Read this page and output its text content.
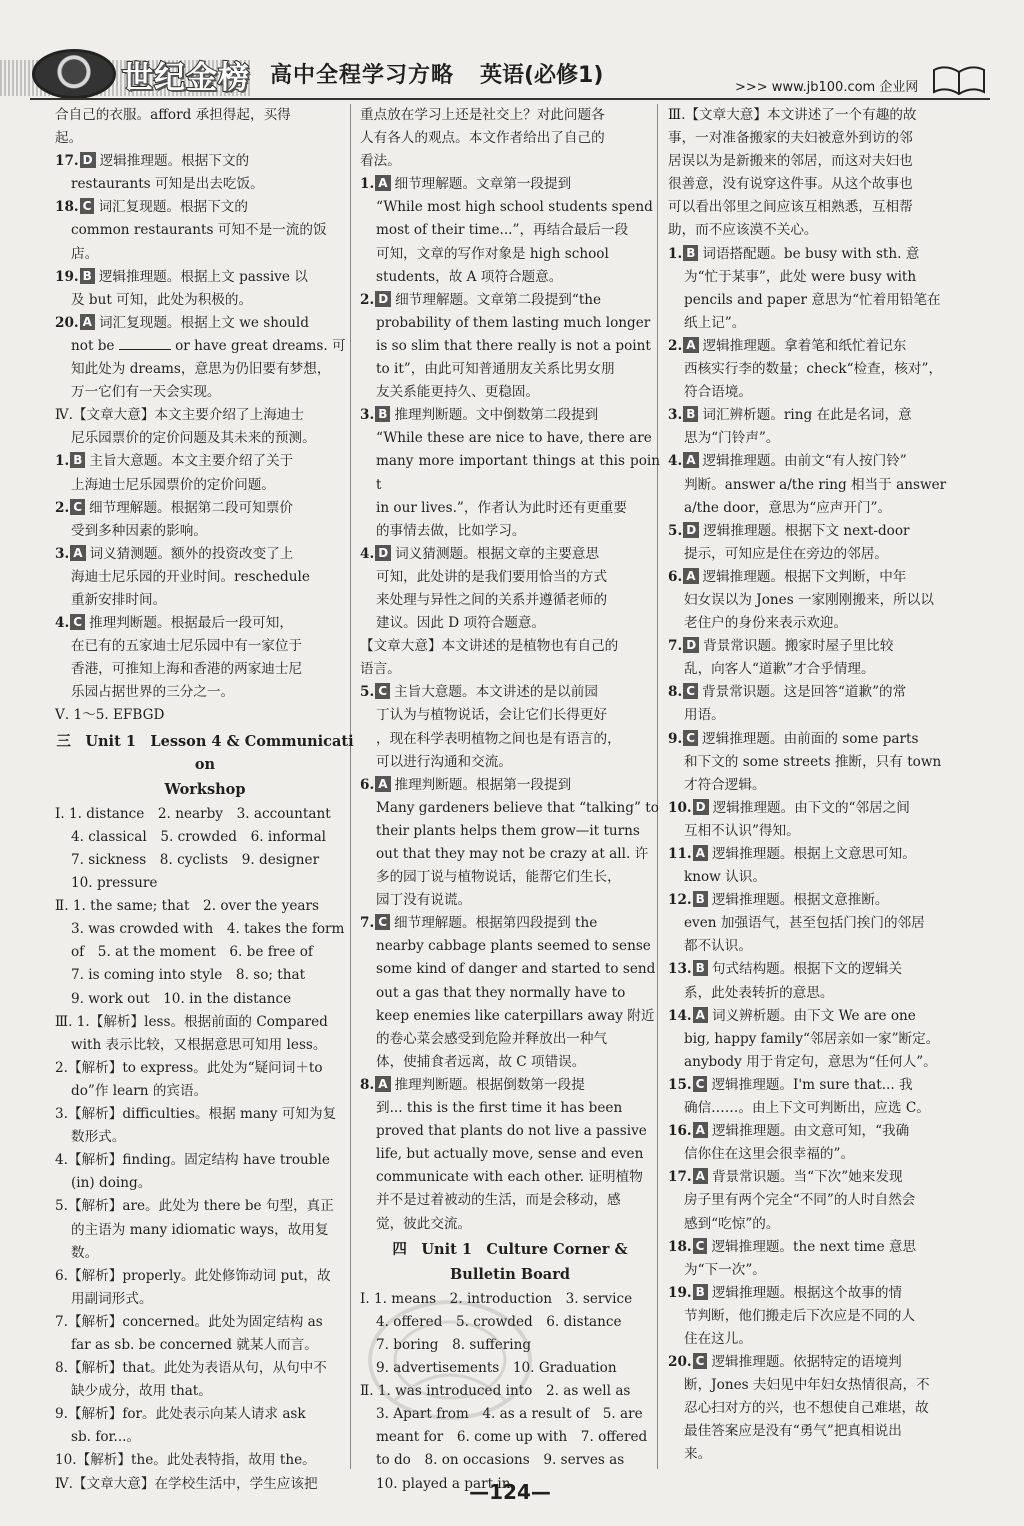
世纪金榜 高中全程学习方略 英语(必修1)	>>> www.jb100.com 企业网
合自己的衣服。afford 承担得起，买得
起。
17. D 逻辑推理题。根据下文的
restaurants 可知是出去吃饭。
18. C 词汇复现题。根据下文的
common restaurants 可知不是一流的饭
店。
19. B 逻辑推理题。根据上文 passive 以
及 but 可知，此处为积极的。
20. A 词汇复现题。根据上文 we should
not be	or have great dreams. 可
知此处为 dreams，意思为仍旧要有梦想，
万一它们有一天会实现。
Ⅳ.【文章大意】本文主要介绍了上海迪士
尼乐园票价的定价问题及其未来的预测。
1. B 主旨大意题。本文主要介绍了关于
上海迪士尼乐园票价的定价问题。
2. C 细节理解题。根据第二段可知票价
受到多种因素的影响。
3. A 词义猜测题。额外的投资改变了上
海迪士尼乐园的开业时间。reschedule
重新安排时间。
4. C 推理判断题。根据最后一段可知，
在已有的五家迪士尼乐园中有一家位于
香港，可推知上海和香港的两家迪士尼
乐园占据世界的三分之一。
Ⅴ. 1～5. EFBGD
三　Unit 1　Lesson 4 & Communication
Workshop
Ⅰ. 1. distance　2. nearby　3. accountant
4. classical　5. crowded　6. informal
7. sickness　8. cyclists　9. designer
10. pressure
Ⅱ. 1. the same; that　2. over the years
3. was crowded with　4. takes the form
of　5. at the moment　6. be free of
7. is coming into style　8. so; that
9. work out　10. in the distance
Ⅲ. 1.【解析】less。根据前面的 Compared
with 表示比较，又根据意思可知用 less。
2.【解析】to express。此处为“疑问词＋to
do”作 learn 的宾语。
3.【解析】difficulties。根据 many 可知为复
数形式。
4.【解析】finding。固定结构 have trouble
(in) doing。
5.【解析】are。此处为 there be 句型，真正
的主语为 many idiomatic ways，故用复
数。
6.【解析】properly。此处修饰动词 put，故
用副词形式。
7.【解析】concerned。此处为固定结构 as
far as sb. be concerned 就某人而言。
8.【解析】that。此处为表语从句，从句中不
缺少成分，故用 that。
9.【解析】for。此处表示向某人请求 ask
sb. for...。
10.【解析】the。此处表特指，故用 the。
Ⅳ.【文章大意】在学校生活中，学生应该把
重点放在学习上还是社交上？对此问题各
人有各人的观点。本文作者给出了自己的
看法。
1. A 细节理解题。文章第一段提到
“While most high school students spend
most of their time...”，再结合最后一段
可知，文章的写作对象是 high school
students，故 A 项符合题意。
2. D 细节理解题。文章第二段提到“the
probability of them lasting much longer
is so slim that there really is not a point
to it”，由此可知普通朋友关系比男女朋
友关系能更持久、更稳固。
3. B 推理判断题。文中倒数第二段提到
“While these are nice to have, there are
many more important things at this point
in our lives.”，作者认为此时还有更重要
的事情去做，比如学习。
4. D 词义猜测题。根据文章的主要意思
可知，此处讲的是我们要用恰当的方式
来处理与异性之间的关系并遵循老师的
建议。因此 D 项符合题意。
【文章大意】本文讲述的是植物也有自己的
语言。
5. C 主旨大意题。本文讲述的是以前园
丁认为与植物说话，会让它们长得更好
，现在科学表明植物之间也是有语言的，
可以进行沟通和交流。
6. A 推理判断题。根据第一段提到
Many gardeners believe that “talking” to
their plants helps them grow—it turns
out that they may not be crazy at all. 许
多的园丁说与植物说话，能帮它们生长，
园丁没有说谎。
7. C 细节理解题。根据第四段提到 the
nearby cabbage plants seemed to sense
some kind of danger and started to send
out a gas that they normally have to
keep enemies like caterpillars away 附近
的卷心菜会感受到危险并释放出一种气
体，使捕食者远离，故 C 项错误。
8. A 推理判断题。根据倒数第一段提
到... this is the first time it has been
proved that plants do not live a passive
life, but actually move, sense and even
communicate with each other. 证明植物
并不是过着被动的生活，而是会移动，感
觉，彼此交流。
四　Unit 1　Culture Corner &
Bulletin Board
Ⅰ. 1. means　2. introduction　3. service
4. offered　5. crowded　6. distance
7. boring　8. suffering
9. advertisements　10. Graduation
Ⅱ. 1. was introduced into　2. as well as
3. Apart from　4. as a result of　5. are
meant for　6. come up with　7. offered
to do　8. on occasions　9. serves as
10. played a part in
Ⅲ.【文章大意】本文讲述了一个有趣的故
事，一对准备搬家的夫妇被意外到访的邻
居误以为是新搬来的邻居，而这对夫妇也
很善意，没有说穿这件事。从这个故事也
可以看出邻里之间应该互相熟悉，互相帮
助，而不应该漠不关心。
1. B 词语搭配题。be busy with sth. 意
为“忙于某事”，此处 were busy with
pencils and paper 意思为“忙着用铅笔在
纸上记”。
2. A 逻辑推理题。拿着笔和纸忙着记东
西核实行李的数量；check“检查，核对”，
符合语境。
3. B 词汇辨析题。ring 在此是名词，意
思为“门铃声”。
4. A 逻辑推理题。由前文“有人按门铃”
判断。answer a/the ring 相当于 answer
a/the door，意思为“应声开门”。
5. D 逻辑推理题。根据下文 next-door
提示，可知应是住在旁边的邻居。
6. A 逻辑推理题。根据下文判断，中年
妇女误以为 Jones 一家刚刚搬来，所以以
老住户的身份来表示欢迎。
7. D 背景常识题。搬家时屋子里比较
乱，向客人“道歉”才合乎情理。
8. C 背景常识题。这是回答“道歉”的常
用语。
9. C 逻辑推理题。由前面的 some parts
和下文的 some streets 推断，只有 town
才符合逻辑。
10. D 逻辑推理题。由下文的“邻居之间
互相不认识”得知。
11. A 逻辑推理题。根据上文意思可知。
know 认识。
12. B 逻辑推理题。根据文意推断。
even 加强语气，甚至包括门挨门的邻居
都不认识。
13. B 句式结构题。根据下文的逻辑关
系，此处表转折的意思。
14. A 词义辨析题。由下文 We are one
big, happy family“邻居亲如一家”断定。
anybody 用于肯定句，意思为“任何人”。
15. C 逻辑推理题。I'm sure that... 我
确信……。由上下文可判断出，应选 C。
16. A 逻辑推理题。由文意可知，“我确
信你住在这里会很幸福的”。
17. A 背景常识题。当“下次”她来发现
房子里有两个完全“不同”的人时自然会
感到“吃惊”的。
18. C 逻辑推理题。the next time 意思
为“下一次”。
19. B 逻辑推理题。根据这个故事的情
节判断，他们搬走后下次应是不同的人
住在这儿。
20. C 逻辑推理题。依据特定的语境判
断，Jones 夫妇见中年妇女热情很高，不
忍心扫对方的兴，也不想使自己难堪，故
最佳答案应是没有“勇气”把真相说出
来。
—124—
